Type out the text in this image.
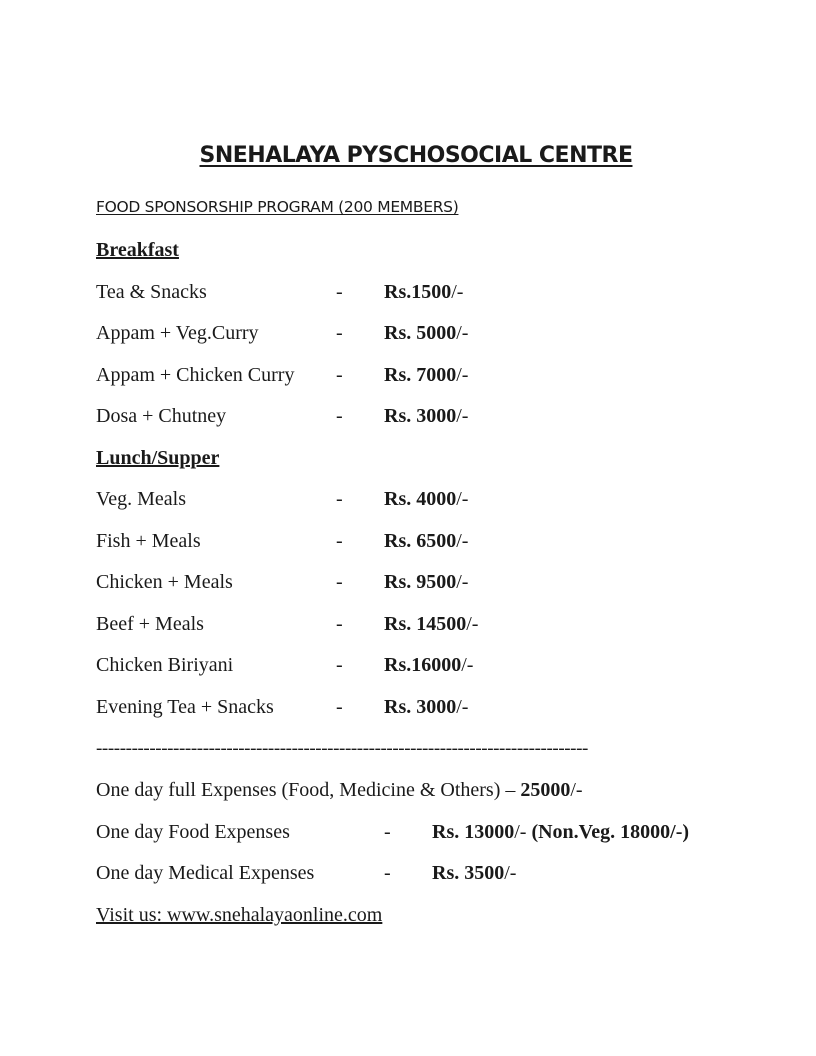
SNEHALAYA PYSCHOSOCIAL CENTRE

FOOD SPONSORSHIP PROGRAM (200 MEMBERS)

Breakfast

Tea & Snacks	- Rs.1500/-
Appam + Veg.Curry	- Rs. 5000/-
Appam + Chicken Curry - Rs. 7000/-
Dosa + Chutney	- Rs. 3000/-

Lunch/Supper

Veg. Meals	- Rs. 4000/-
Fish + Meals	- Rs. 6500/-
Chicken + Meals	- Rs. 9500/-
Beef + Meals	- Rs. 14500/-
Chicken Biriyani	- Rs.16000/-
Evening Tea + Snacks	- Rs. 3000/-

-----------------------------------------------------------------------------------

One day full Expenses (Food, Medicine & Others) – 25000/-

One day Food Expenses	- Rs. 13000/- (Non.Veg. 18000/-)
One day Medical Expenses	- Rs. 3500/-

Visit us: www.snehalayaonline.com
